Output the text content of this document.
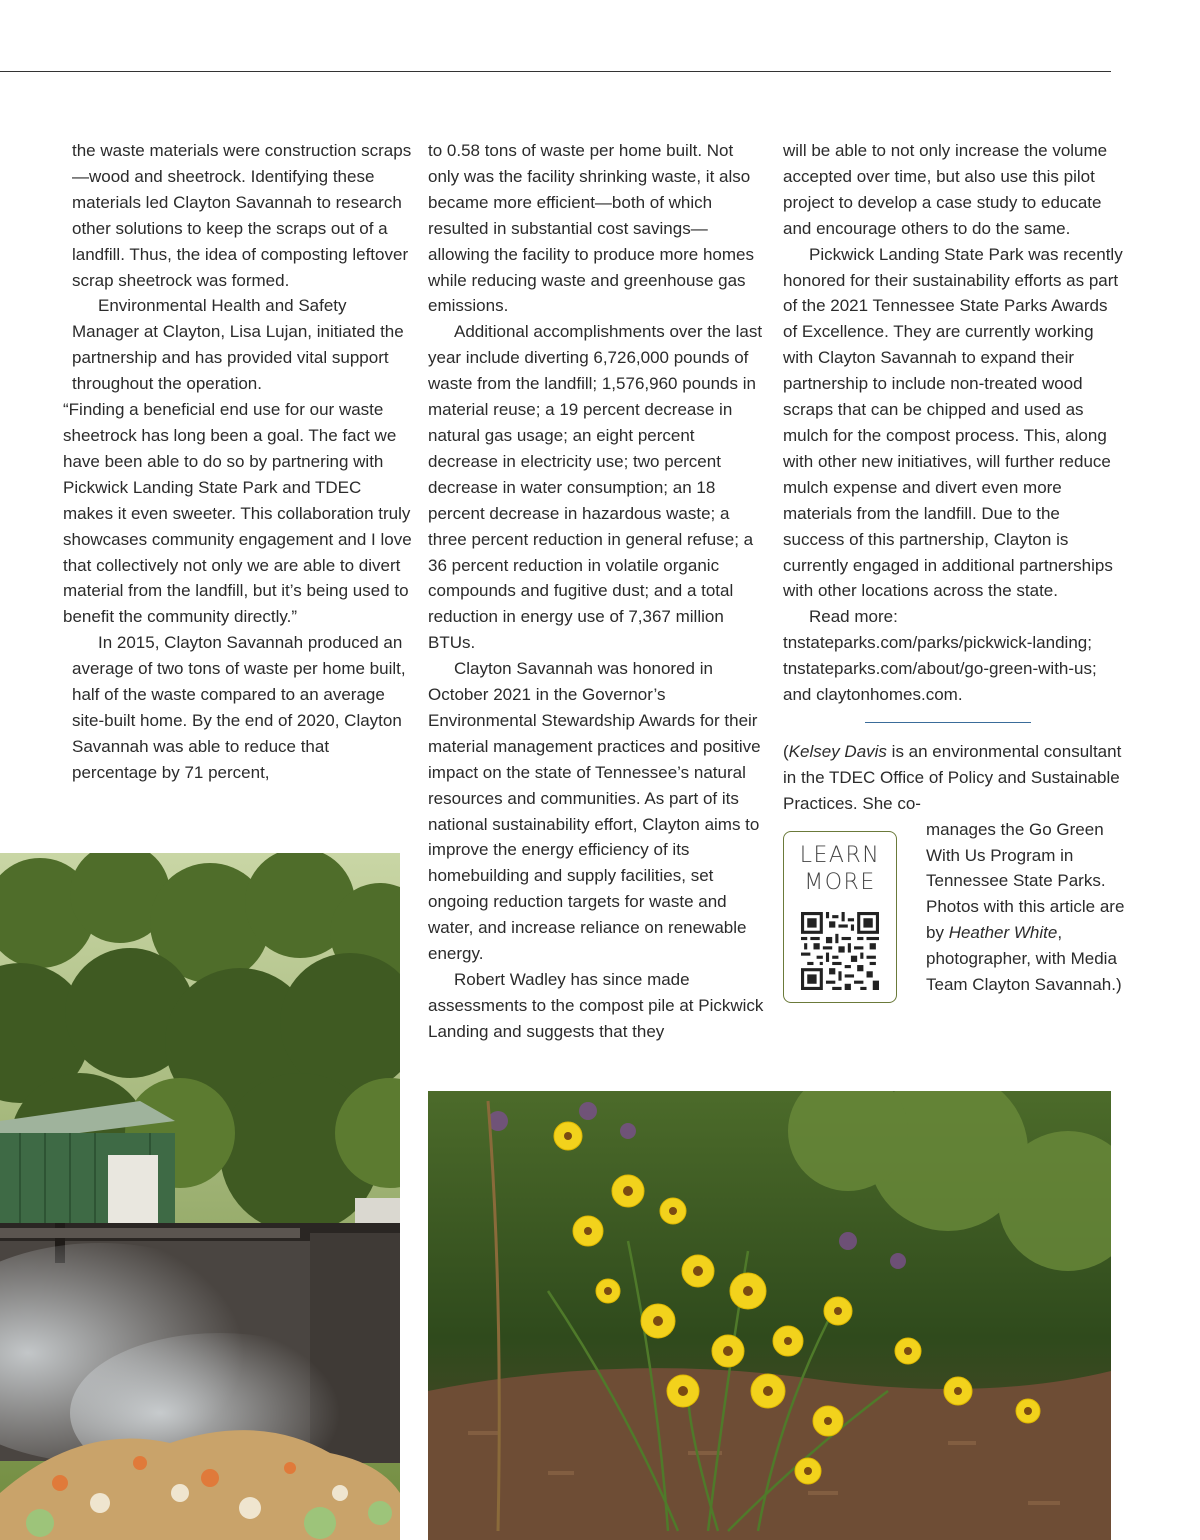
the waste materials were construction scraps—wood and sheetrock. Identifying these materials led Clayton Savannah to research other solutions to keep the scraps out of a landfill. Thus, the idea of composting leftover scrap sheetrock was formed.

Environmental Health and Safety Manager at Clayton, Lisa Lujan, initiated the partnership and has provided vital support throughout the operation.

“Finding a beneficial end use for our waste sheetrock has long been a goal. The fact we have been able to do so by partnering with Pickwick Landing State Park and TDEC makes it even sweeter. This collaboration truly showcases community engagement and I love that collectively not only we are able to divert material from the landfill, but it’s being used to benefit the community directly.”

In 2015, Clayton Savannah produced an average of two tons of waste per home built, half of the waste compared to an average site-built home. By the end of 2020, Clayton Savannah was able to reduce that percentage by 71 percent,

to 0.58 tons of waste per home built. Not only was the facility shrinking waste, it also became more efficient—both of which resulted in substantial cost savings—allowing the facility to produce more homes while reducing waste and greenhouse gas emissions.

Additional accomplishments over the last year include diverting 6,726,000 pounds of waste from the landfill; 1,576,960 pounds in material reuse; a 19 percent decrease in natural gas usage; an eight percent decrease in electricity use; two percent decrease in water consumption; an 18 percent decrease in hazardous waste; a three percent reduction in general refuse; a 36 percent reduction in volatile organic compounds and fugitive dust; and a total reduction in energy use of 7,367 million BTUs.

Clayton Savannah was honored in October 2021 in the Governor’s Environmental Stewardship Awards for their material management practices and positive impact on the state of Tennessee’s natural resources and communities. As part of its national sustainability effort, Clayton aims to improve the energy efficiency of its homebuilding and supply facilities, set ongoing reduction targets for waste and water, and increase reliance on renewable energy.

Robert Wadley has since made assessments to the compost pile at Pickwick Landing and suggests that they

will be able to not only increase the volume accepted over time, but also use this pilot project to develop a case study to educate and encourage others to do the same.

Pickwick Landing State Park was recently honored for their sustainability efforts as part of the 2021 Tennessee State Parks Awards of Excellence. They are currently working with Clayton Savannah to expand their partnership to include non-treated wood scraps that can be chipped and used as mulch for the compost process. This, along with other new initiatives, will further reduce mulch expense and divert even more materials from the landfill. Due to the success of this partnership, Clayton is currently engaged in additional partnerships with other locations across the state.

Read more: tnstateparks.com/parks/pickwick-landing; tnstateparks.com/about/go-green-with-us; and claytonhomes.com.

(Kelsey Davis is an environmental consultant in the TDEC Office of Policy and Sustainable Practices. She co-

LEARN
MORE
manages the Go Green With Us Program in Tennessee State Parks. Photos with this article are by Heather White, photographer, with Media Team Clayton Savannah.)
